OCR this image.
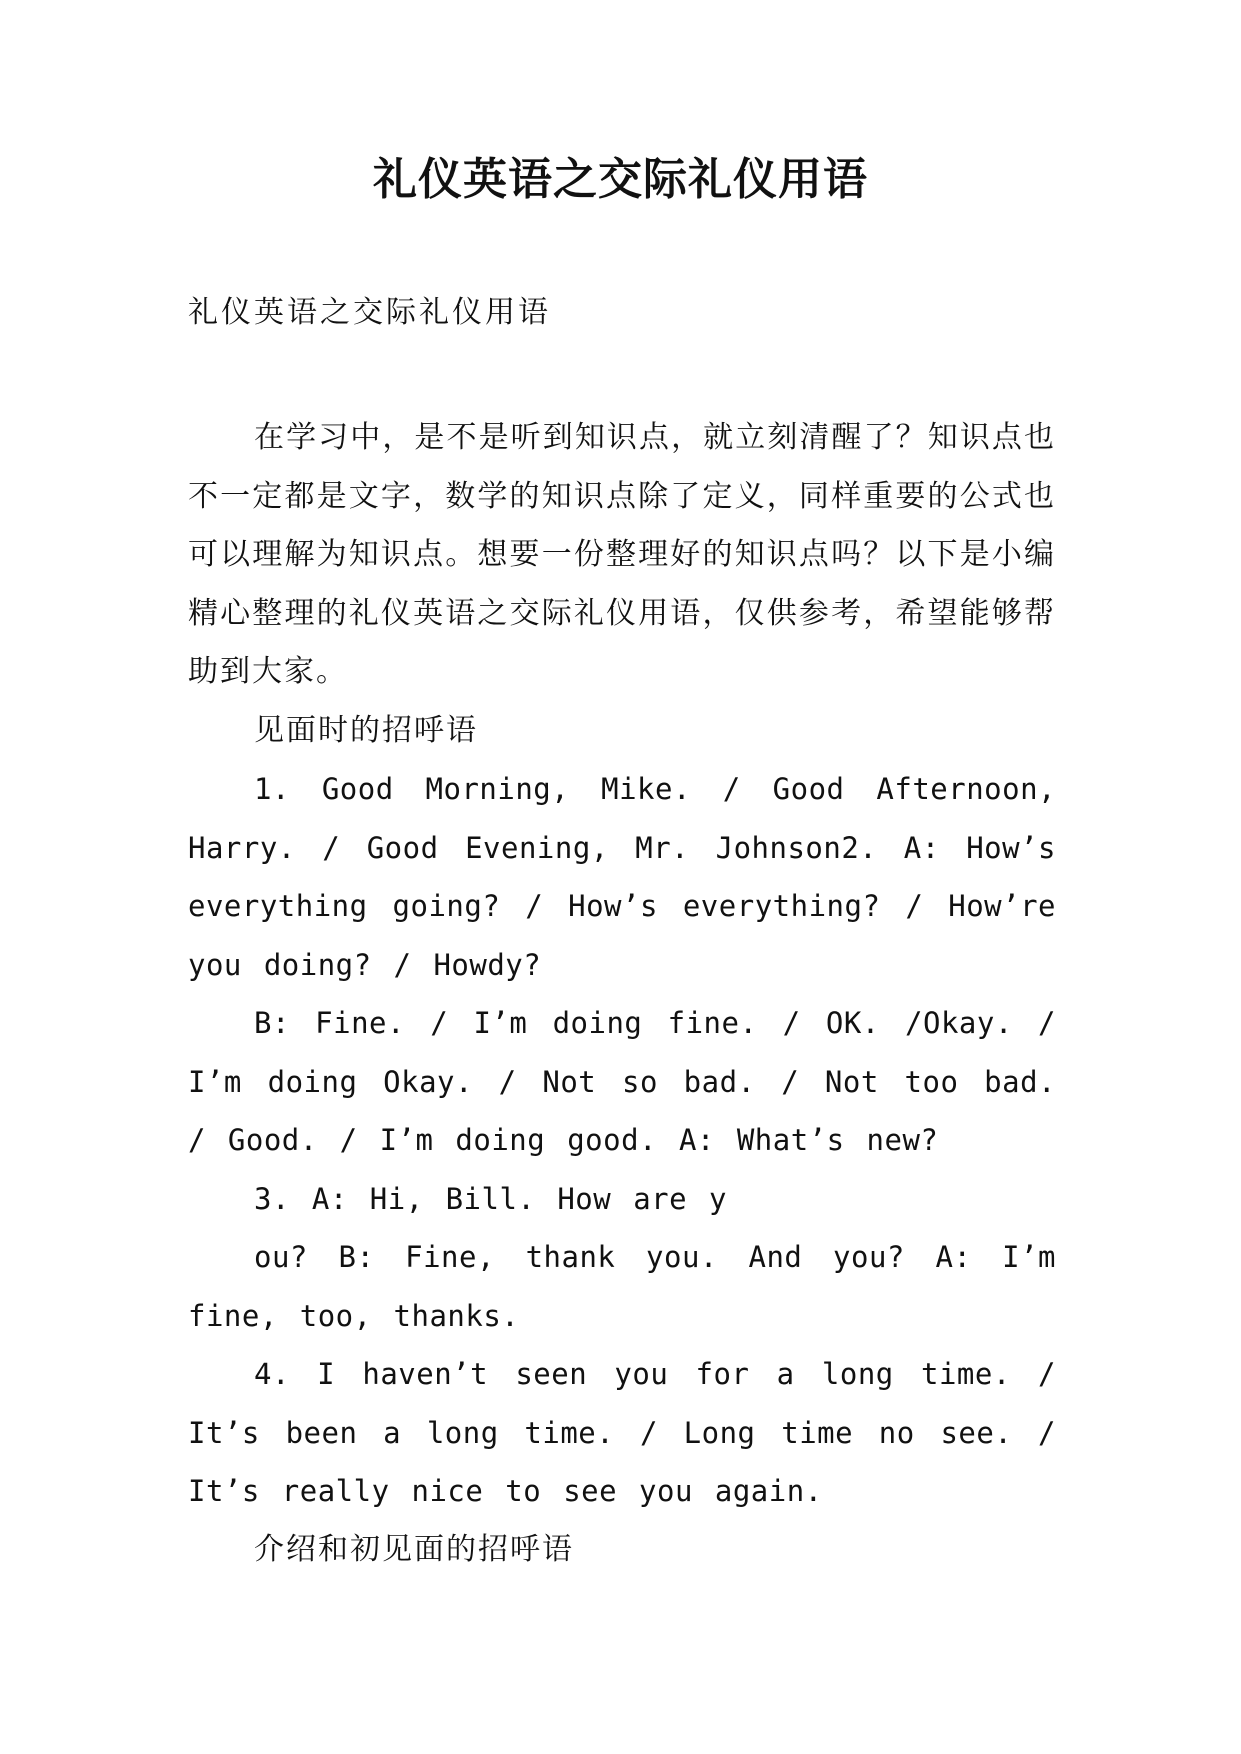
礼仪英语之交际礼仪用语

礼仪英语之交际礼仪用语

在学习中，是不是听到知识点，就立刻清醒了？知识点也不一定都是文字，数学的知识点除了定义，同样重要的公式也可以理解为知识点。想要一份整理好的知识点吗？以下是小编精心整理的礼仪英语之交际礼仪用语，仅供参考，希望能够帮助到大家。

见面时的招呼语

1. Good Morning, Mike. / Good Afternoon, Harry. / Good Evening, Mr. Johnson2. A: How’s everything going? / How’s everything? / How’re you doing? / Howdy?

B: Fine. / I’m doing fine. / OK. /Okay. / I’m doing Okay. / Not so bad. / Not too bad. / Good. / I’m doing good. A: What’s new?

3. A: Hi, Bill. How are y

ou? B: Fine, thank you. And you? A: I’m fine, too, thanks.

4. I haven’t seen you for a long time. / It’s been a long time. / Long time no see. / It’s really nice to see you again.

介绍和初见面的招呼语
